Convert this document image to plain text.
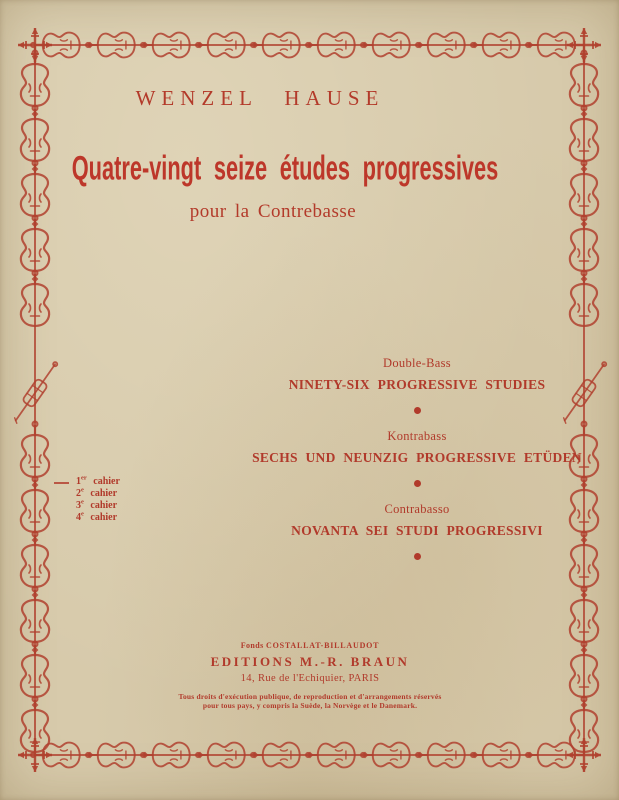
WENZEL HAUSE
Quatre-vingt seize études progressives
pour la Contrebasse
Double-Bass
NINETY-SIX PROGRESSIVE STUDIES
Kontrabass
SECHS UND NEUNZIG PROGRESSIVE ETÜDEN
Contrabasso
NOVANTA SEI STUDI PROGRESSIVI
1er cahier
2e cahier
3e cahier
4e cahier
Fonds COSTALLAT-BILLAUDOT
EDITIONS M.-R. BRAUN
14, Rue de l'Echiquier, PARIS
Tous droits d'exécution publique, de reproduction et d'arrangements réservés
pour tous pays, y compris la Suède, la Norvège et le Danemark.
